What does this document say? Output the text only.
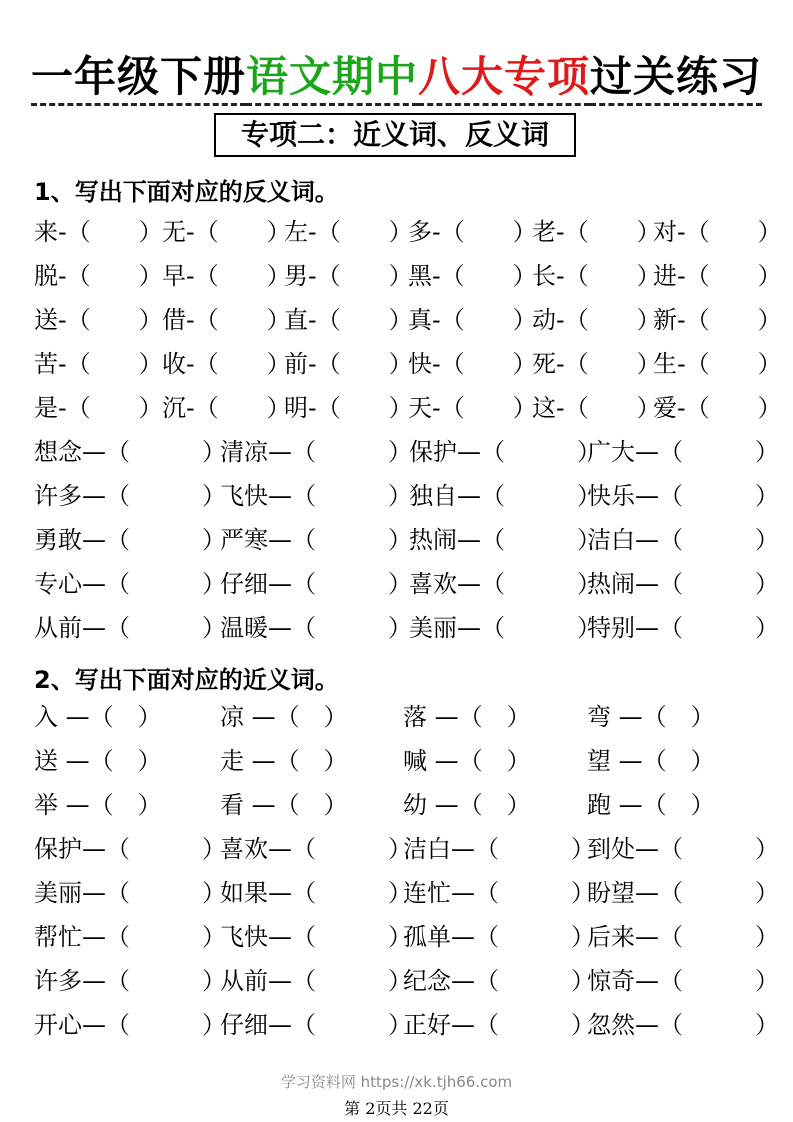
一年级下册语文期中八大专项过关练习
专项二：近义词、反义词
1、写出下面对应的反义词。
2、写出下面对应的近义词。
来-（　　） 无-（　　）
左-（　　）
多-（　　）
老-（　　）
对-（　　）
脱-（　　） 早-（　　）
男-（　　）
黑-（　　）
长-（　　）
进-（　　）
送-（　　） 借-（　　）
直-（　　）
真-（　　）
动-（　　）
新-（　　）
苦-（　　） 收-（　　）
前-（　　）
快-（　　）
死-（　　）
生-（　　）
是-（　　） 沉-（　　）
明-（　　）
天-（　　）
这-（　　）
爱-（　　）
想念—（　　　）
清凉—（　　　）
保护—（　　　）
广大—（　　　）
许多—（　　　）
飞快—（　　　）
独自—（　　　）
快乐—（　　　）
勇敢—（　　　）
严寒—（　　　）
热闹—（　　　）
洁白—（　　　）
专心—（　　　）
仔细—（　　　）
喜欢—（　　　）
热闹—（　　　）
从前—（　　　）
温暖—（　　　）
美丽—（　　　）
特别—（　　　）
入 —（　） 凉 —（　） 落 —（　） 弯 —（　）
送 —（　） 走 —（　） 喊 —（　） 望 —（　）
举 —（　） 看 —（　） 幼 —（　） 跑 —（　）
保护—（　　　）
喜欢—（　　　）
洁白—（　　　）
到处—（　　　）
美丽—（　　　）
如果—（　　　）
连忙—（　　　）
盼望—（　　　）
帮忙—（　　　）
飞快—（　　　）
孤单—（　　　）
后来—（　　　）
许多—（　　　）
从前—（　　　）
纪念—（　　　）
惊奇—（　　　）
开心—（　　　）
仔细—（　　　）
正好—（　　　）
忽然—（　　　）
学习资料网 https://xk.tjh66.com
第 2页共 22页
